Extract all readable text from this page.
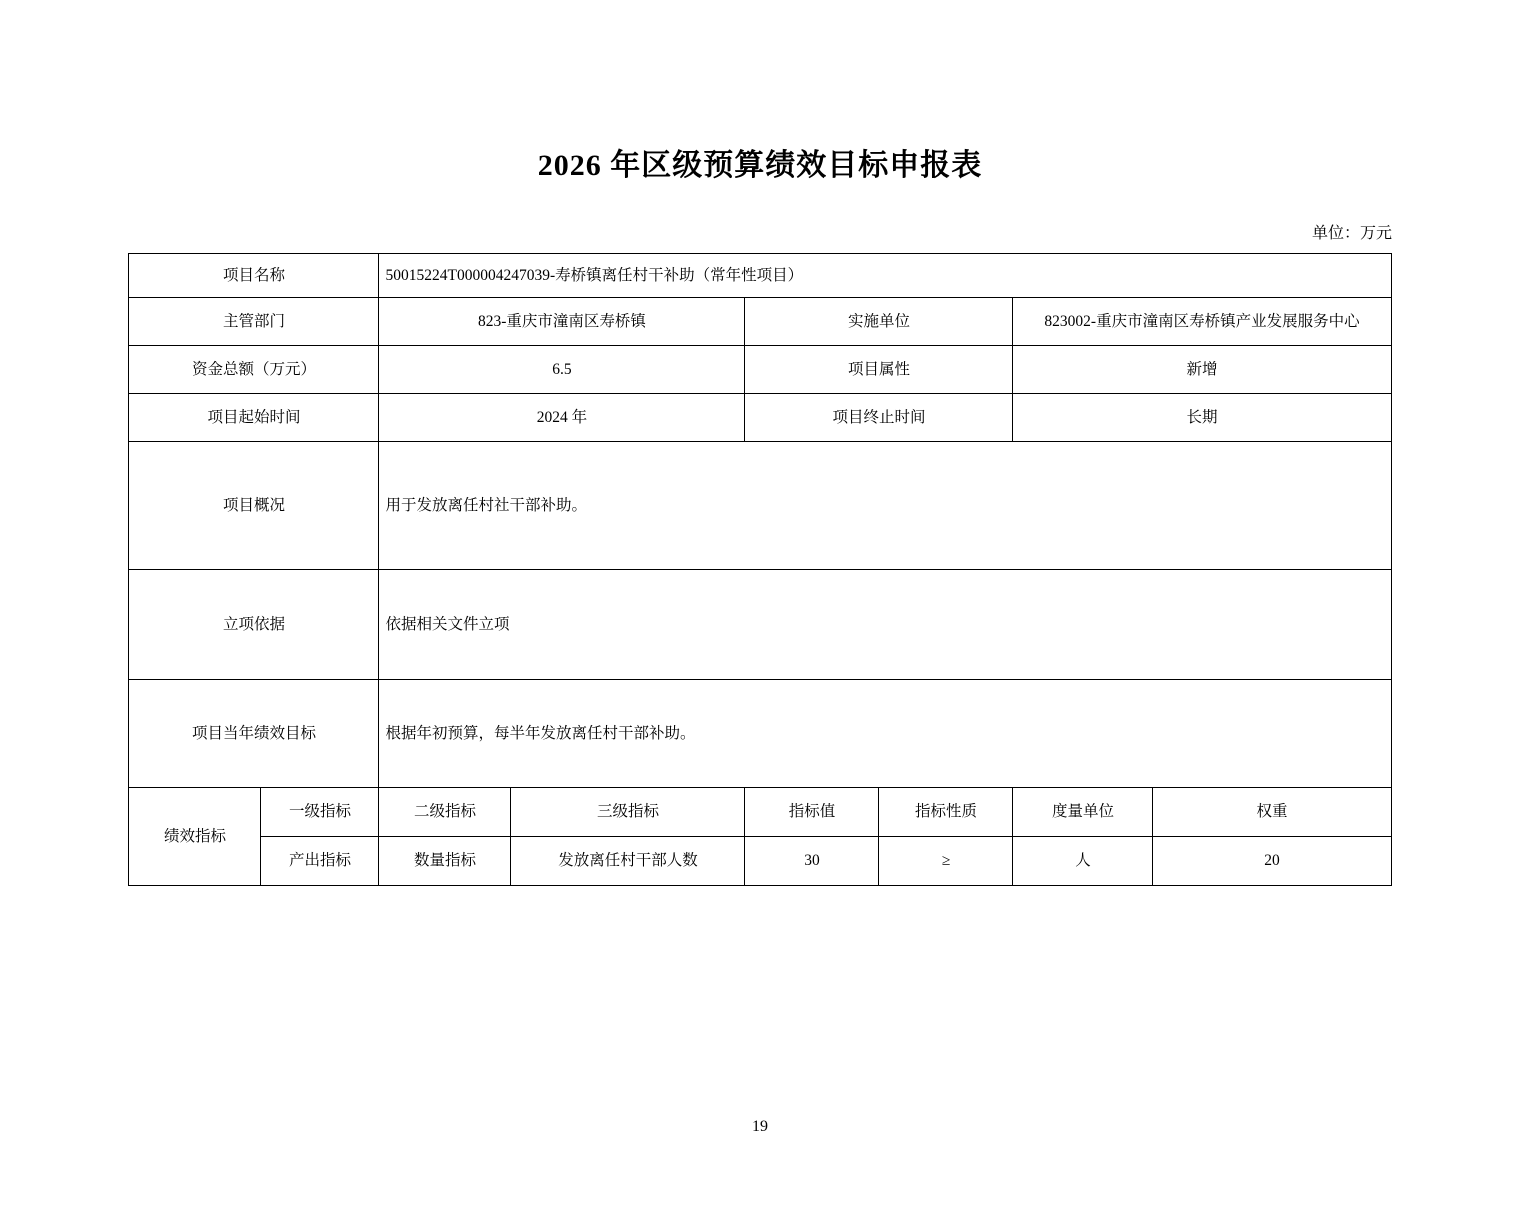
2026 年区级预算绩效目标申报表
单位：万元
项目名称		50015224T000004247039-寿桥镇离任村干补助（常年性项目）					
主管部门		823-重庆市潼南区寿桥镇		实施单位		823002-重庆市潼南区寿桥镇产业发展服务中心	
资金总额（万元）		6.5		项目属性		新增	
项目起始时间		2024 年		项目终止时间		长期	
项目概况		用于发放离任村社干部补助。					
立项依据		依据相关文件立项					
项目当年绩效目标		根据年初预算，每半年发放离任村干部补助。					
绩效指标	一级指标	二级指标	三级指标	指标值	指标性质	度量单位	权重
	产出指标	数量指标	发放离任村干部人数	30	≥	人	20
19
